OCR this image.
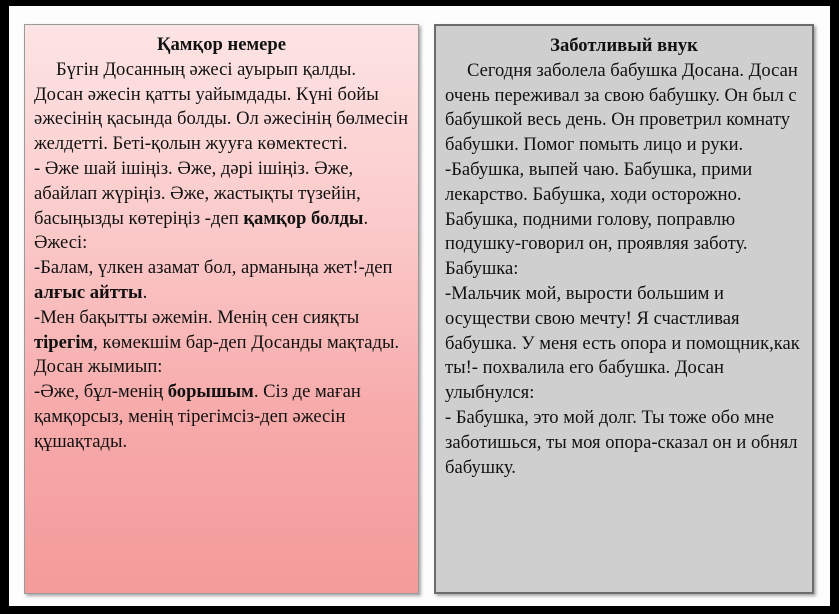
Қамқор немере

Бүгін Досанның әжесі ауырып қалды. Досан әжесін қатты уайымдады. Күні бойы әжесінің қасында болды. Ол әжесінің бөлмесін желдетті. Беті-қолын жууға көмектесті.

- Әже шай ішіңіз. Әже, дәрі ішіңіз. Әже, абайлап жүріңіз. Әже, жастықты түзейін, басыңызды көтеріңіз -деп қамқор болды.

Әжесі:

-Балам, үлкен азамат бол, арманыңа жет!-деп алғыс айтты.

-Мен бақытты әжемін. Менің сен сияқты тірегім, көмекшім бар-деп Досанды мақтады. Досан жымиып:

-Әже, бұл-менің борышым. Сіз де маған қамқорсыз, менің тірегімсіз-деп әжесін құшақтады.

Заботливый внук

Сегодня заболела бабушка Досана. Досан очень переживал за свою бабушку. Он был с бабушкой весь день. Он проветрил комнату бабушки. Помог помыть лицо и руки.

-Бабушка, выпей чаю. Бабушка, прими лекарство. Бабушка, ходи осторожно. Бабушка, подними голову, поправлю подушку-говорил он, проявляя заботу.

Бабушка:

-Мальчик мой, вырости большим и осуществи свою мечту! Я счастливая бабушка. У меня есть опора и помощник,как ты!- похвалила его бабушка. Досан улыбнулся:

- Бабушка, это мой долг. Ты тоже обо мне заботишься, ты моя опора-сказал он и обнял бабушку.
